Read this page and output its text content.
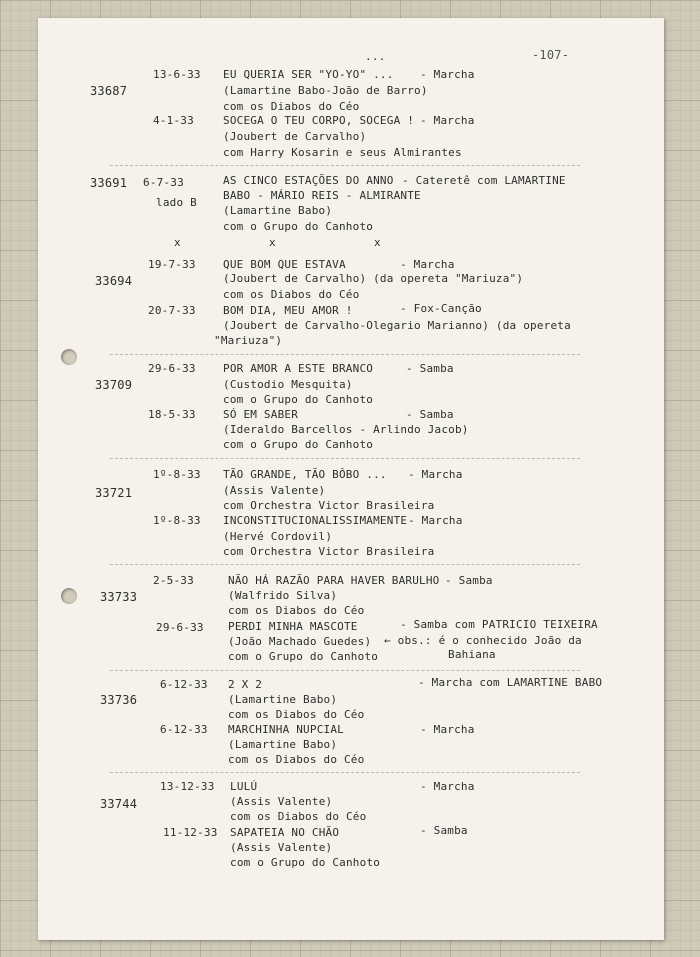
...	-107-
33687
13-6-33 EU QUERIA SER "YO-YO" ... - Marcha
(Lamartine Babo-João de Barro)
com os Diabos do Céo
4-1-33	SOCEGA O TEU CORPO, SOCEGA ! - Marcha
(Joubert de Carvalho)
com Harry Kosarin e seus Almirantes
33691 6-7-33
lado B
AS CINCO ESTAÇÕES DO ANNO - Cateretê com LAMARTINE
BABO - MÁRIO REIS - ALMIRANTE
(Lamartine Babo)
com o Grupo do Canhoto
x	x	x
33694
19-7-33 QUE BOM QUE ESTAVA	- Marcha
(Joubert de Carvalho) (da opereta "Mariuza")
com os Diabos do Céo
20-7-33 BOM DIA, MEU AMOR !	- Fox-Canção
(Joubert de Carvalho-Olegario Marianno) (da opereta
"Mariuza")
33709
29-6-33 POR AMOR A ESTE BRANCO	- Samba
(Custodio Mesquita)
com o Grupo do Canhoto
18-5-33 SÓ EM SABER	- Samba
(Ideraldo Barcellos - Arlindo Jacob)
com o Grupo do Canhoto
33721
1º-8-33 TÃO GRANDE, TÃO BÔBO ... - Marcha
(Assis Valente)
com Orchestra Victor Brasileira
1º-8-33 INCONSTITUCIONALISSIMAMENTE - Marcha
(Hervé Cordovil)
com Orchestra Victor Brasileira
33733
2-5-33	NÃO HÁ RAZÃO PARA HAVER BARULHO - Samba
(Walfrido Silva)
com os Diabos do Céo
29-6-33 PERDI MINHA MASCOTE	- Samba com PATRICIO TEIXEIRA
(João Machado Guedes) ← obs.: é o conhecido João da
Bahiana
com o Grupo do Canhoto
33736
6-12-33 2 X 2	- Marcha com LAMARTINE BABO
(Lamartine Babo)
com os Diabos do Céo
6-12-33 MARCHINHA NUPCIAL	- Marcha
(Lamartine Babo)
com os Diabos do Céo
33744
13-12-33 LULÚ	- Marcha
(Assis Valente)
com os Diabos do Céo
11-12-33 SAPATEIA NO CHÃO	- Samba
(Assis Valente)
com o Grupo do Canhoto
